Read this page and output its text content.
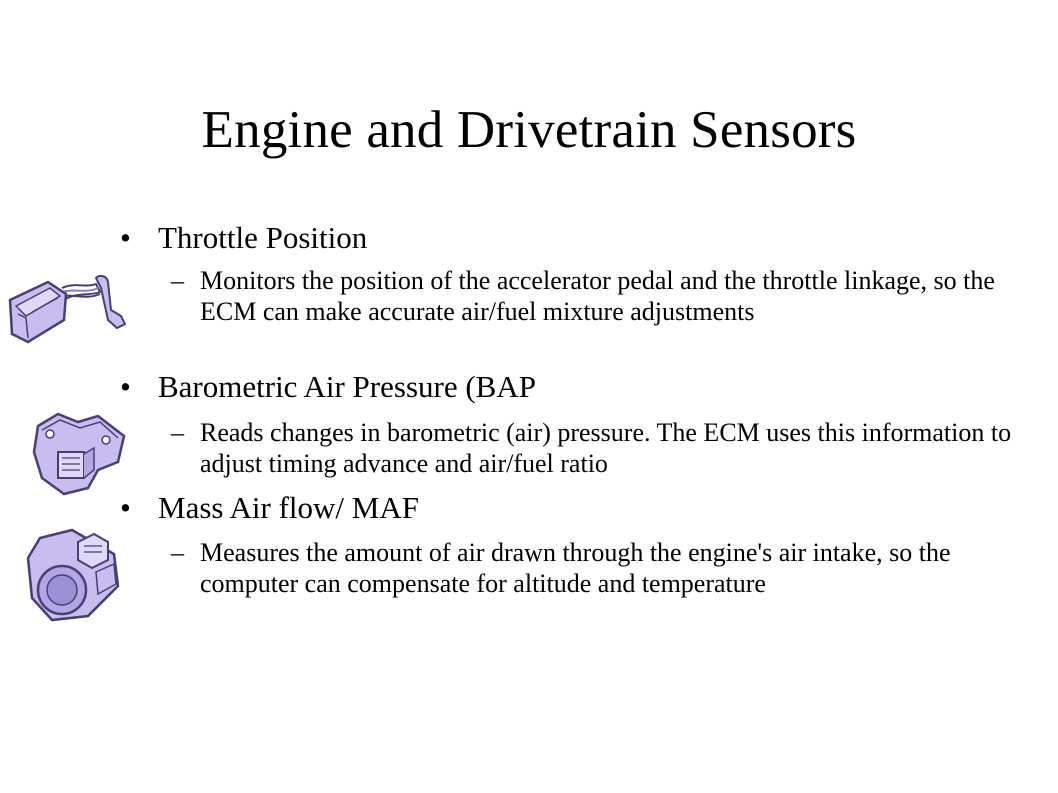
Engine and Drivetrain Sensors
• Throttle Position
– Monitors the position of the accelerator pedal and the throttle linkage, so the ECM can make accurate air/fuel mixture adjustments
• Barometric Air Pressure (BAP
– Reads changes in barometric (air) pressure. The ECM uses this information to adjust timing advance and air/fuel ratio
• Mass Air flow/ MAF
– Measures the amount of air drawn through the engine's air intake, so the computer can compensate for altitude and temperature
